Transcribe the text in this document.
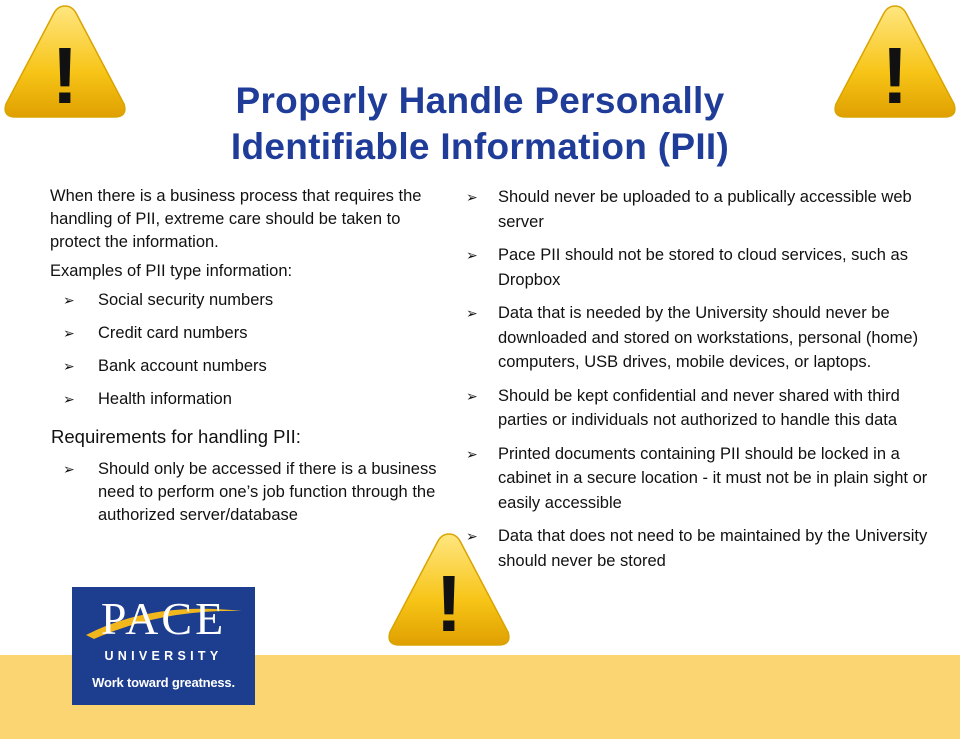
!	!
!
Properly Handle Personally
Identifiable Information (PII)

When there is a business process that requires the handling of PII, extreme care should be taken to protect the information.

Examples of PII type information:

➢ Social security numbers
➢ Credit card numbers
➢ Bank account numbers
➢ Health information

Requirements for handling PII:

➢ Should only be accessed if there is a business need to perform one’s job function through the authorized server/database
➢ Should never be uploaded to a publically accessible web server
➢ Pace PII should not be stored to cloud services, such as Dropbox
➢ Data that is needed by the University should never be downloaded and stored on workstations, personal (home) computers, USB drives, mobile devices, or laptops.
➢ Should be kept confidential and never shared with third parties or individuals not authorized to handle this data
➢ Printed documents containing PII should be locked in a cabinet in a secure location - it must not be in plain sight or easily accessible
➢ Data that does not need to be maintained by the University should never be stored
PACE
UNIVERSITY
Work toward greatness.
